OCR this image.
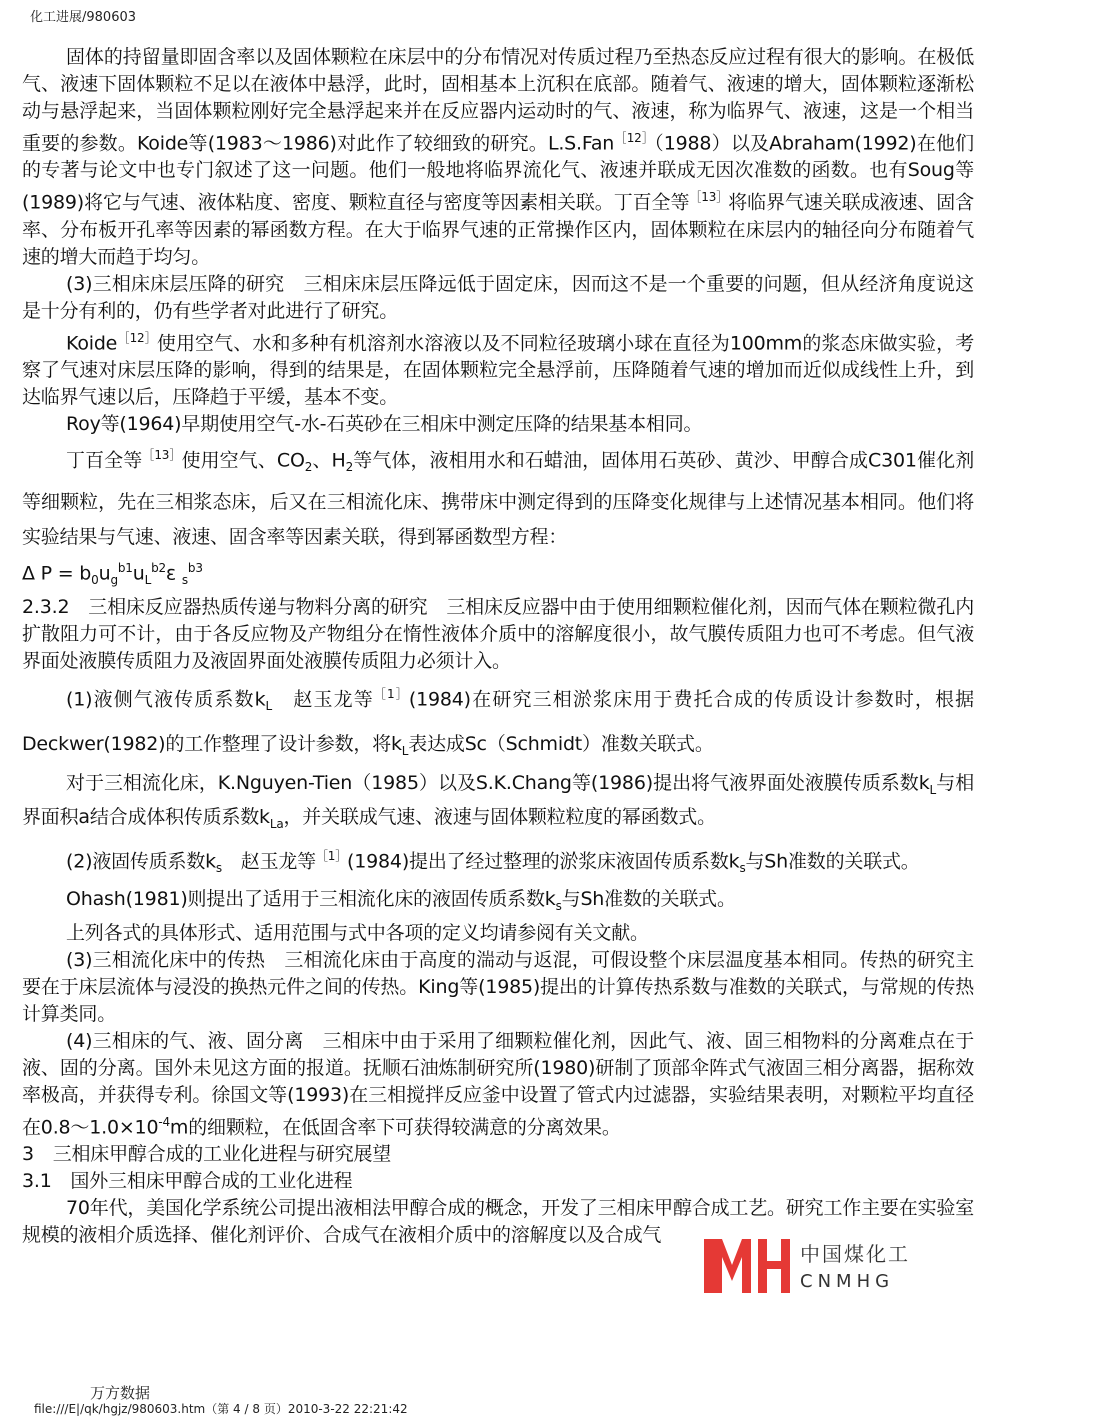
化工进展/980603

固体的持留量即固含率以及固体颗粒在床层中的分布情况对传质过程乃至热态反应过程有很大的影响。在极低气、液速下固体颗粒不足以在液体中悬浮，此时，固相基本上沉积在底部。随着气、液速的增大，固体颗粒逐渐松动与悬浮起来，当固体颗粒刚好完全悬浮起来并在反应器内运动时的气、液速，称为临界气、液速，这是一个相当重要的参数。Koide等(1983～1986)对此作了较细致的研究。L.S.Fan$^{[12]}$（1988）以及Abraham(1992)在他们的专著与论文中也专门叙述了这一问题。他们一般地将临界流化气、液速并联成无因次准数的函数。也有Soug等(1989)将它与气速、液体粘度、密度、颗粒直径与密度等因素相关联。丁百全等$^{[13]}$将临界气速关联成液速、固含率、分布板开孔率等因素的幂函数方程。在大于临界气速的正常操作区内，固体颗粒在床层内的轴径向分布随着气速的增大而趋于均匀。

(3)三相床床层压降的研究　三相床床层压降远低于固定床，因而这不是一个重要的问题，但从经济角度说这是十分有利的，仍有些学者对此进行了研究。

Koide$^{[12]}$使用空气、水和多种有机溶剂水溶液以及不同粒径玻璃小球在直径为100mm的浆态床做实验，考察了气速对床层压降的影响，得到的结果是，在固体颗粒完全悬浮前，压降随着气速的增加而近似成线性上升，到达临界气速以后，压降趋于平缓，基本不变。

Roy等(1964)早期使用空气-水-石英砂在三相床中测定压降的结果基本相同。

丁百全等$^{[13]}$使用空气、$CO_2$、$H_2$等气体，液相用水和石蜡油，固体用石英砂、黄沙、甲醇合成C301催化剂等细颗粒，先在三相浆态床，后又在三相流化床、携带床中测定得到的压降变化规律与上述情况基本相同。他们将实验结果与气速、液速、固含率等因素关联，得到幂函数型方程：

Δ $P = b_0u_g^{b1}u_L^{b2}\varepsilon$ $_s^{b3}$

2.3.2　三相床反应器热质传递与物料分离的研究　三相床反应器中由于使用细颗粒催化剂，因而气体在颗粒微孔内扩散阻力可不计，由于各反应物及产物组分在惰性液体介质中的溶解度很小，故气膜传质阻力也可不考虑。但气液界面处液膜传质阻力及液固界面处液膜传质阻力必须计入。

(1)液侧气液传质系数$k_L$　赵玉龙等$^{[1]}$(1984)在研究三相淤浆床用于费托合成的传质设计参数时，根据Deckwer(1982)的工作整理了设计参数，将$k_L$表达成Sc（Schmidt）准数关联式。

对于三相流化床，K.Nguyen-Tien（1985）以及S.K.Chang等(1986)提出将气液界面处液膜传质系数$k_L$与相界面积a结合成体积传质系数$k_{La}$，并关联成气速、液速与固体颗粒粒度的幂函数式。

(2)液固传质系数$k_s$　赵玉龙等$^{[1]}$(1984)提出了经过整理的淤浆床液固传质系数$k_s$与Sh准数的关联式。

Ohash(1981)则提出了适用于三相流化床的液固传质系数$k_s$与Sh准数的关联式。

上列各式的具体形式、适用范围与式中各项的定义均请参阅有关文献。

(3)三相流化床中的传热　三相流化床由于高度的湍动与返混，可假设整个床层温度基本相同。传热的研究主要在于床层流体与浸没的换热元件之间的传热。King等(1985)提出的计算传热系数与准数的关联式，与常规的传热计算类同。

(4)三相床的气、液、固分离　三相床中由于采用了细颗粒催化剂，因此气、液、固三相物料的分离难点在于液、固的分离。国外未见这方面的报道。抚顺石油炼制研究所(1980)研制了顶部伞阵式气液固三相分离器，据称效率极高，并获得专利。徐国文等(1993)在三相搅拌反应釜中设置了管式内过滤器，实验结果表明，对颗粒平均直径在$0.8\sim 1.0\times 10^{-4}m$的细颗粒，在低固含率下可获得较满意的分离效果。

3　三相床甲醇合成的工业化进程与研究展望

3.1　国外三相床甲醇合成的工业化进程

70年代，美国化学系统公司提出液相法甲醇合成的概念，开发了三相床甲醇合成工艺。研究工作主要在实验室规模的液相介质选择、催化剂评价、合成气在液相介质中的溶解度以及合成气

中国煤化工
CNMHG
万方数据
file:///E|/qk/hgjz/980603.htm（第 4 / 8 页）2010-3-22 22:21:42
